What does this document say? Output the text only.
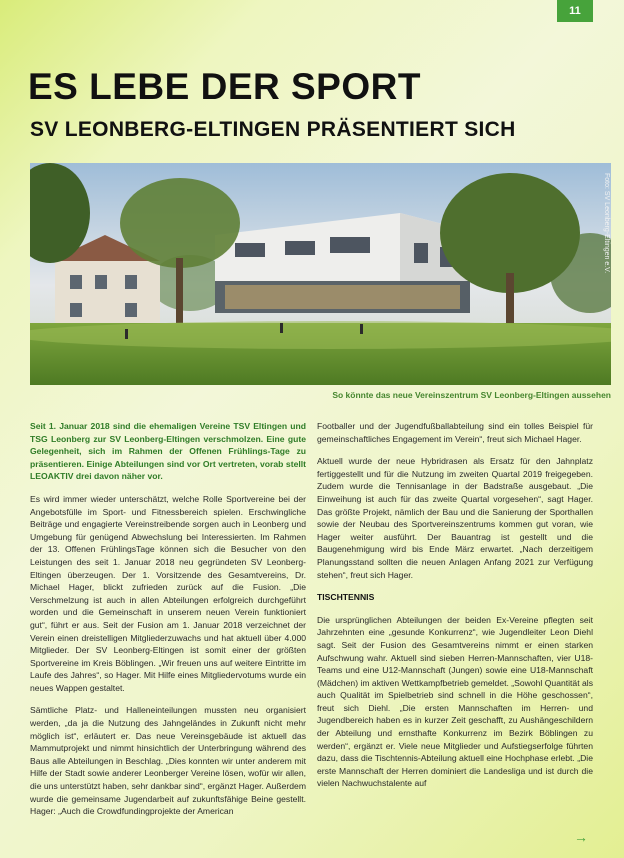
11
ES LEBE DER SPORT
SV LEONBERG-ELTINGEN PRÄSENTIERT SICH
Foto: SV Leonberg-Eltingen e.V.
So könnte das neue Vereinszentrum SV Leonberg-Eltingen aussehen

Seit 1. Januar 2018 sind die ehemaligen Vereine TSV Eltingen und TSG Leonberg zur SV Leonberg-Eltingen verschmolzen. Eine gute Gelegenheit, sich im Rahmen der Offenen Frühlings-Tage zu präsentieren. Einige Abteilungen sind vor Ort vertreten, vorab stellt LEOAKTIV drei davon näher vor.

Es wird immer wieder unterschätzt, welche Rolle Sportvereine bei der Angebotsfülle im Sport- und Fitnessbereich spielen. Erschwingliche Beiträge und engagierte Vereinstreibende sorgen auch in Leonberg und Umgebung für genügend Abwechslung bei Interessierten. Im Rahmen der 13. Offenen FrühlingsTage können sich die Besucher von den Leistungen des seit 1. Januar 2018 neu gegründeten SV Leonberg-Eltingen überzeugen. Der 1. Vorsitzende des Gesamtvereins, Dr. Michael Hager, blickt zufrieden zurück auf die Fusion. „Die Verschmelzung ist auch in allen Abteilungen erfolgreich durchgeführt worden und die Gemeinschaft in unserem neuen Verein funktioniert gut“, führt er aus. Seit der Fusion am 1. Januar 2018 verzeichnet der Verein einen dreistelligen Mitgliederzuwachs und hat aktuell über 4.000 Mitglieder. Der SV Leonberg-Eltingen ist somit einer der größten Sportvereine im Kreis Böblingen. „Wir freuen uns auf weitere Eintritte im Laufe des Jahres“, so Hager. Mit Hilfe eines Mitgliedervotums wurde ein neues Wappen gestaltet.

Sämtliche Platz- und Halleneinteilungen mussten neu organisiert werden, „da ja die Nutzung des Jahngeländes in Zukunft nicht mehr möglich ist“, erläutert er. Das neue Vereinsgebäude ist aktuell das Mammutprojekt und nimmt hinsichtlich der Unterbringung während des Baus alle Abteilungen in Beschlag. „Dies konnten wir unter anderem mit Hilfe der Stadt sowie anderer Leonberger Vereine lösen, wofür wir allen, die uns unterstützt haben, sehr dankbar sind“, ergänzt Hager. Außerdem wurde die gemeinsame Jugendarbeit auf zukunftsfähige Beine gestellt. Hager: „Auch die Crowdfundingprojekte der American

Footballer und der Jugendfußballabteilung sind ein tolles Beispiel für gemeinschaftliches Engagement im Verein“, freut sich Michael Hager.

Aktuell wurde der neue Hybridrasen als Ersatz für den Jahnplatz fertiggestellt und für die Nutzung im zweiten Quartal 2019 freigegeben. Zudem wurde die Tennisanlage in der Badstraße ausgebaut. „Die Einweihung ist auch für das zweite Quartal vorgesehen“, sagt Hager. Das größte Projekt, nämlich der Bau und die Sanierung der Sporthallen sowie der Neubau des Sportvereinszentrums kommen gut voran, wie Hager weiter ausführt. Der Bauantrag ist gestellt und die Baugenehmigung wird bis Ende März erwartet. „Nach derzeitigem Planungsstand sollten die neuen Anlagen Anfang 2021 zur Verfügung stehen“, freut sich Hager.

TISCHTENNIS

Die ursprünglichen Abteilungen der beiden Ex-Vereine pflegten seit Jahrzehnten eine „gesunde Konkurrenz“, wie Jugendleiter Leon Diehl sagt. Seit der Fusion des Gesamtvereins nimmt er einen starken Aufschwung wahr. Aktuell sind sieben Herren-Mannschaften, vier U18-Teams und eine U12-Mannschaft (Jungen) sowie eine U18-Mannschaft (Mädchen) im aktiven Wettkampfbetrieb gemeldet. „Sowohl Quantität als auch Qualität im Spielbetrieb sind schnell in die Höhe geschossen“, freut sich Diehl. „Die ersten Mannschaften im Herren- und Jugendbereich haben es in kurzer Zeit geschafft, zu Aushängeschildern der Abteilung und ernsthafte Konkurrenz im Bezirk Böblingen zu werden“, ergänzt er. Viele neue Mitglieder und Aufstiegserfolge führten dazu, dass die Tischtennis-Abteilung aktuell eine Hochphase erlebt. „Die erste Mannschaft der Herren dominiert die Landesliga und ist durch die vielen Nachwuchstalente auf

→
